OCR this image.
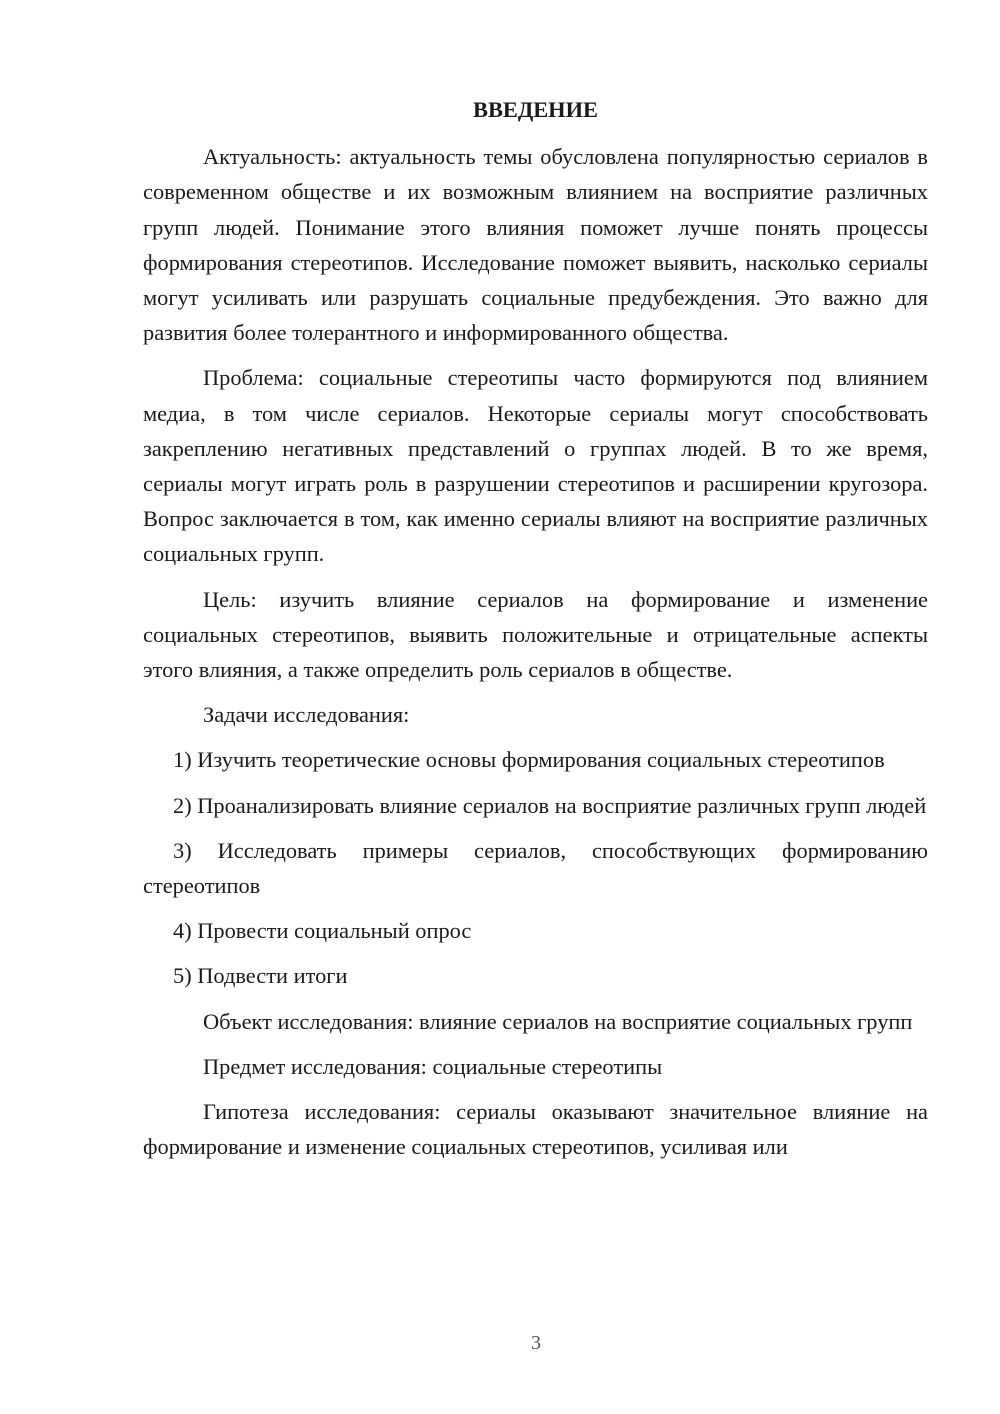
ВВЕДЕНИЕ

Актуальность: актуальность темы обусловлена популярностью сериалов в современном обществе и их возможным влиянием на восприятие различных групп людей. Понимание этого влияния поможет лучше понять процессы формирования стереотипов. Исследование поможет выявить, насколько сериалы могут усиливать или разрушать социальные предубеждения. Это важно для развития более толерантного и информированного общества.

Проблема: социальные стереотипы часто формируются под влиянием медиа, в том числе сериалов. Некоторые сериалы могут способствовать закреплению негативных представлений о группах людей. В то же время, сериалы могут играть роль в разрушении стереотипов и расширении кругозора. Вопрос заключается в том, как именно сериалы влияют на восприятие различных социальных групп.

Цель: изучить влияние сериалов на формирование и изменение социальных стереотипов, выявить положительные и отрицательные аспекты этого влияния, а также определить роль сериалов в обществе.

Задачи исследования:

1) Изучить теоретические основы формирования социальных стереотипов

2) Проанализировать влияние сериалов на восприятие различных групп людей

3) Исследовать примеры сериалов, способствующих формированию стереотипов

4) Провести социальный опрос

5) Подвести итоги

Объект исследования: влияние сериалов на восприятие социальных групп

Предмет исследования: социальные стереотипы

Гипотеза исследования: сериалы оказывают значительное влияние на формирование и изменение социальных стереотипов, усиливая или

3
